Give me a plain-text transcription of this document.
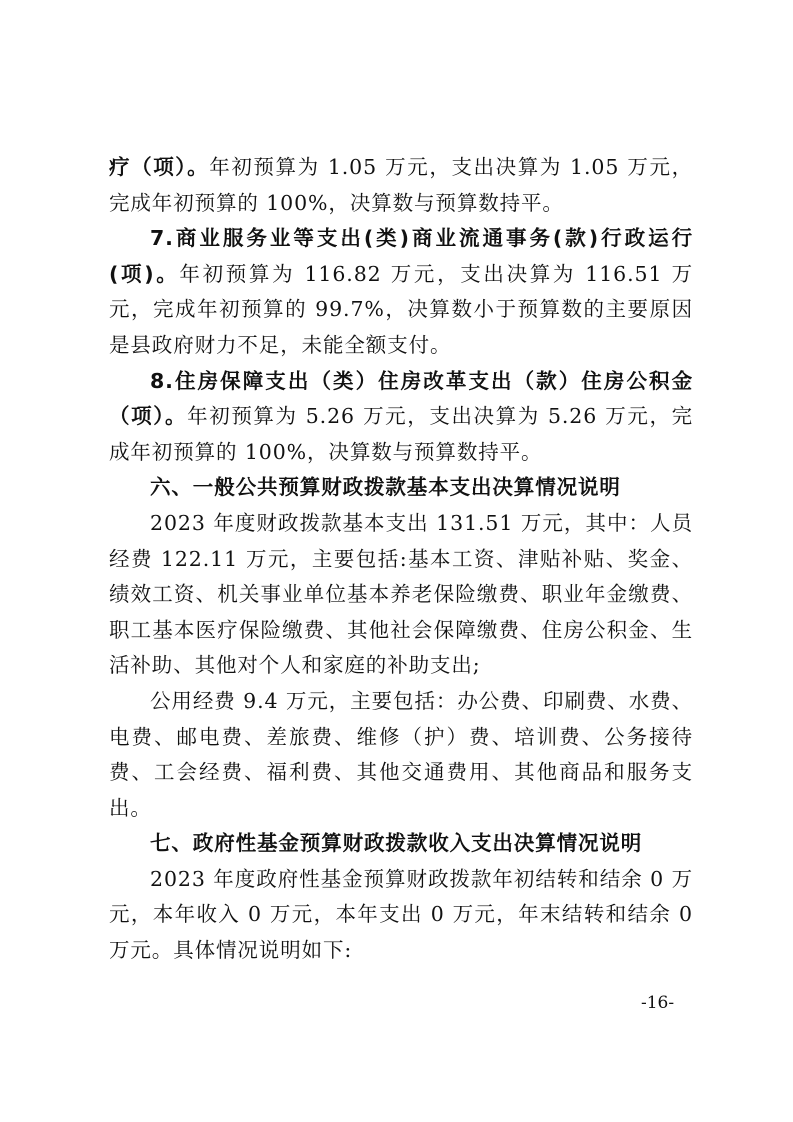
疗（项）。年初预算为 1.05 万元，支出决算为 1.05 万元，完成年初预算的 100%，决算数与预算数持平。

7.商业服务业等支出(类)商业流通事务(款)行政运行(项)。年初预算为 116.82 万元，支出决算为 116.51 万元，完成年初预算的 99.7%，决算数小于预算数的主要原因是县政府财力不足，未能全额支付。

8.住房保障支出（类）住房改革支出（款）住房公积金（项）。年初预算为 5.26 万元，支出决算为 5.26 万元，完成年初预算的 100%，决算数与预算数持平。

六、一般公共预算财政拨款基本支出决算情况说明

2023 年度财政拨款基本支出 131.51 万元，其中：人员经费 122.11 万元，主要包括:基本工资、津贴补贴、奖金、绩效工资、机关事业单位基本养老保险缴费、职业年金缴费、职工基本医疗保险缴费、其他社会保障缴费、住房公积金、生活补助、其他对个人和家庭的补助支出;

公用经费 9.4 万元，主要包括：办公费、印刷费、水费、电费、邮电费、差旅费、维修（护）费、培训费、公务接待费、工会经费、福利费、其他交通费用、其他商品和服务支出。

七、政府性基金预算财政拨款收入支出决算情况说明

2023 年度政府性基金预算财政拨款年初结转和结余 0 万元，本年收入 0 万元，本年支出 0 万元，年末结转和结余 0 万元。具体情况说明如下:

-16-
